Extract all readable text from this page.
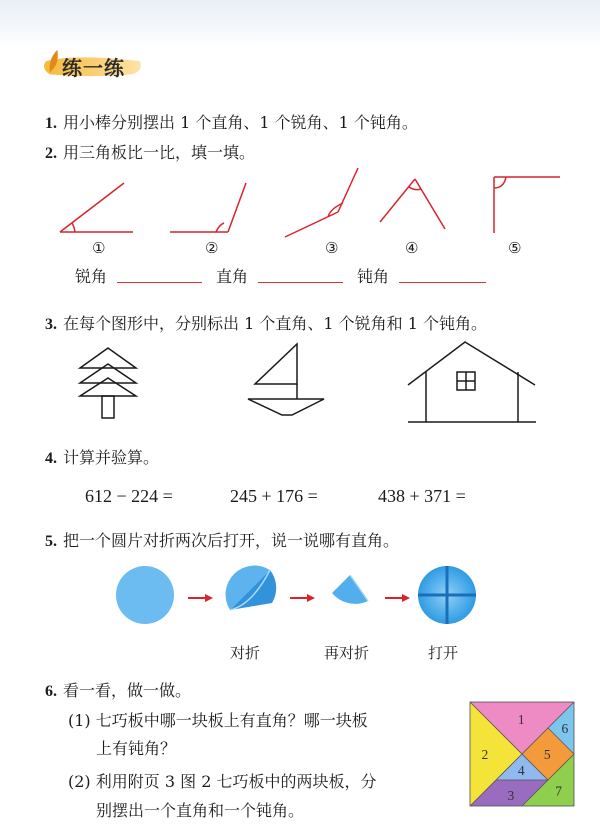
练一练
1. 用小棒分别摆出 1 个直角、1 个锐角、1 个钝角。
2. 用三角板比一比，填一填。
①	②	③	④	⑤
锐角	直角	钝角
3. 在每个图形中，分别标出 1 个直角、1 个锐角和 1 个钝角。
4. 计算并验算。
612 − 224 =	245 + 176 =	438 + 371 =
5. 把一个圆片对折两次后打开，说一说哪有直角。
对折	再对折	打开
6. 看一看，做一做。
(1) 七巧板中哪一块板上有直角？哪一块板
上有钝角？
(2) 利用附页 3 图 2 七巧板中的两块板，分
别摆出一个直角和一个钝角。
1
2
3
4
5
6
7
